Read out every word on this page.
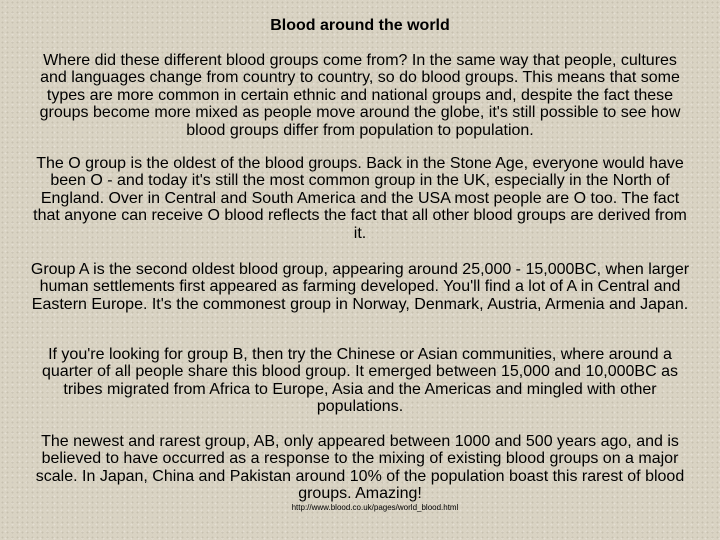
Blood around the world
Where did these different blood groups come from? In the same way that people, cultures and languages change from country to country, so do blood groups. This means that some types are more common in certain ethnic and national groups and, despite the fact these groups become more mixed as people move around the globe, it's still possible to see how blood groups differ from population to population.
The O group is the oldest of the blood groups. Back in the Stone Age, everyone would have been O - and today it's still the most common group in the UK, especially in the North of England. Over in Central and South America and the USA most people are O too. The fact that anyone can receive O blood reflects the fact that all other blood groups are derived from it.
Group A is the second oldest blood group, appearing around 25,000 - 15,000BC, when larger human settlements first appeared as farming developed. You'll find a lot of A in Central and Eastern Europe. It's the commonest group in Norway, Denmark, Austria, Armenia and Japan.
If you're looking for group B, then try the Chinese or Asian communities, where around a quarter of all people share this blood group. It emerged between 15,000 and 10,000BC as tribes migrated from Africa to Europe, Asia and the Americas and mingled with other populations.
The newest and rarest group, AB, only appeared between 1000 and 500 years ago, and is believed to have occurred as a response to the mixing of existing blood groups on a major scale. In Japan, China and Pakistan around 10% of the population boast this rarest of blood groups. Amazing!
http://www.blood.co.uk/pages/world_blood.html
